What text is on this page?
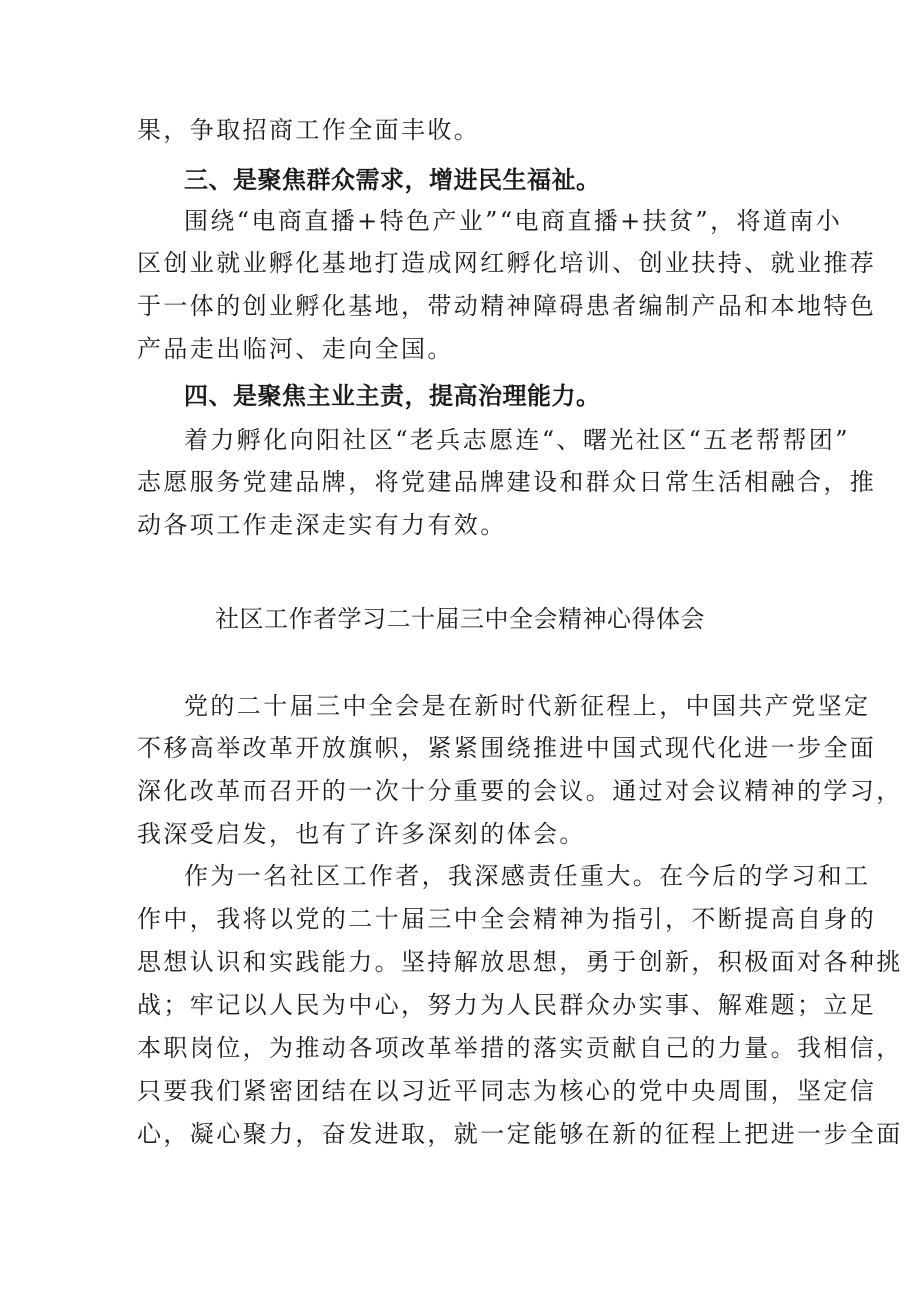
果，争取招商工作全面丰收。
三、是聚焦群众需求，增进民生福祉。
围绕“电商直播+特色产业”“电商直播+扶贫”，将道南小
区创业就业孵化基地打造成网红孵化培训、创业扶持、就业推荐
于一体的创业孵化基地，带动精神障碍患者编制产品和本地特色
产品走出临河、走向全国。
四、是聚焦主业主责，提高治理能力。
着力孵化向阳社区“老兵志愿连“、曙光社区“五老帮帮团”
志愿服务党建品牌，将党建品牌建设和群众日常生活相融合，推
动各项工作走深走实有力有效。
社区工作者学习二十届三中全会精神心得体会
党的二十届三中全会是在新时代新征程上，中国共产党坚定
不移高举改革开放旗帜，紧紧围绕推进中国式现代化进一步全面
深化改革而召开的一次十分重要的会议。通过对会议精神的学习，
我深受启发，也有了许多深刻的体会。
作为一名社区工作者，我深感责任重大。在今后的学习和工
作中，我将以党的二十届三中全会精神为指引，不断提高自身的
思想认识和实践能力。坚持解放思想，勇于创新，积极面对各种挑
战；牢记以人民为中心，努力为人民群众办实事、解难题；立足
本职岗位，为推动各项改革举措的落实贡献自己的力量。我相信，
只要我们紧密团结在以习近平同志为核心的党中央周围，坚定信
心，凝心聚力，奋发进取，就一定能够在新的征程上把进一步全面
